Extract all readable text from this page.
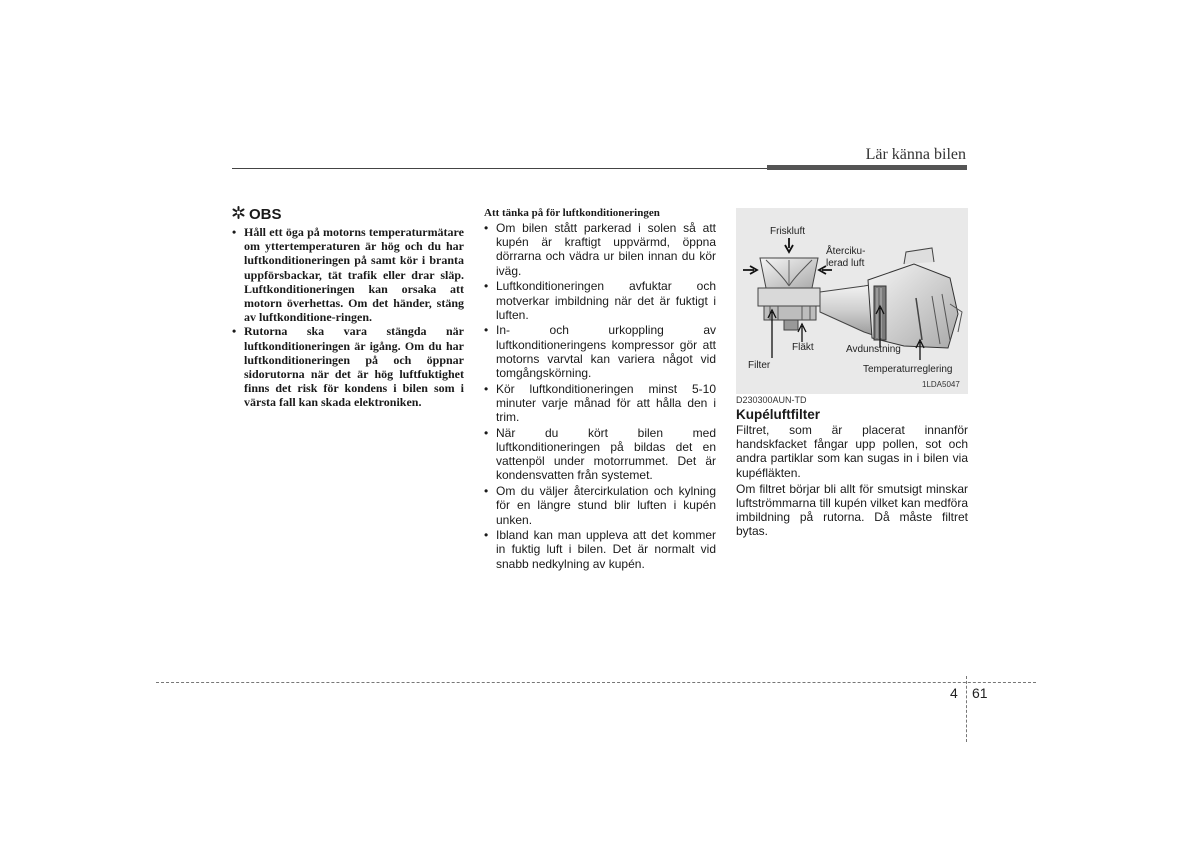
Lär känna bilen
OBS
• Håll ett öga på motorns temperaturmätare om yttertemperaturen är hög och du har luftkonditioneringen på samt kör i branta uppförsbackar, tät trafik eller drar släp. Luftkonditioneringen kan orsaka att motorn överhettas. Om det händer, stäng av luftkonditione-ringen.
• Rutorna ska vara stängda när luftkonditioneringen är igång. Om du har luftkonditioneringen på och öppnar sidorutorna när det är hög luftfuktighet finns det risk för kondens i bilen som i värsta fall kan skada elektroniken.
Att tänka på för luftkonditioneringen
• Om bilen stått parkerad i solen så att kupén är kraftigt uppvärmd, öppna dörrarna och vädra ur bilen innan du kör iväg.
• Luftkonditioneringen avfuktar och motverkar imbildning när det är fuktigt i luften.
• In- och urkoppling av luftkonditioneringens kompressor gör att motorns varvtal kan variera något vid tomgångskörning.
• Kör luftkonditioneringen minst 5-10 minuter varje månad för att hålla den i trim.
• När du kört bilen med luftkonditioneringen på bildas det en vattenpöl under motorrummet. Det är kondensvatten från systemet.
• Om du väljer återcirkulation och kylning för en längre stund blir luften i kupén unken.
• Ibland kan man uppleva att det kommer in fuktig luft i bilen. Det är normalt vid snabb nedkylning av kupén.
Friskluft
Återciku-
lerad luft
Filter
Fläkt	Avdunstning
Temperaturreglering
1LDA5047
D230300AUN-TD
Kupéluftfilter

Filtret, som är placerat innanför handskfacket fångar upp pollen, sot och andra partiklar som kan sugas in i bilen via kupéfläkten.

Om filtret börjar bli allt för smutsigt minskar luftströmmarna till kupén vilket kan medföra imbildning på rutorna. Då måste filtret bytas.

4 61
